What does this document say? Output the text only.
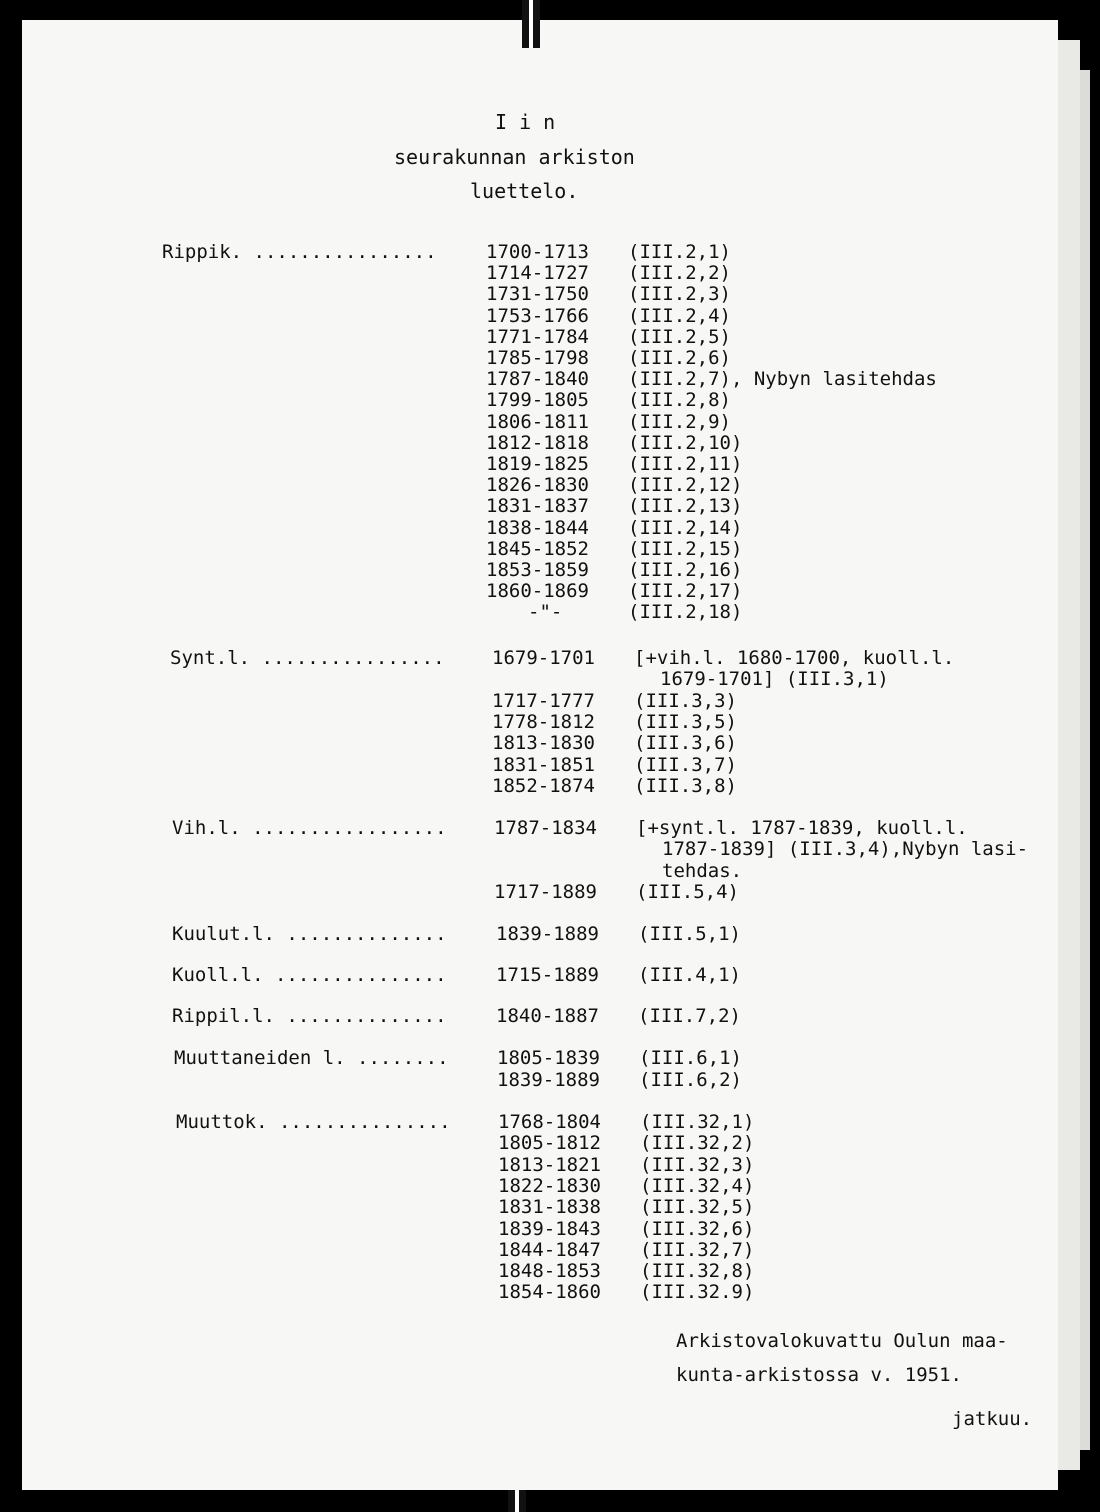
I i n
seurakunnan arkiston
luettelo.
Arkistovalokuvattu Oulun maa-
kunta-arkistossa v. 1951.
jatkuu.
Rippik. ................	1700-1713 (III.2,1)
1714-1727 (III.2,2)
1731-1750 (III.2,3)
1753-1766 (III.2,4)
1771-1784 (III.2,5)
1785-1798 (III.2,6)
1787-1840 (III.2,7), Nybyn lasitehdas
1799-1805 (III.2,8)
1806-1811 (III.2,9)
1812-1818 (III.2,10)
1819-1825 (III.2,11)
1826-1830 (III.2,12)
1831-1837 (III.2,13)
1838-1844 (III.2,14)
1845-1852 (III.2,15)
1853-1859 (III.2,16)
1860-1869 (III.2,17)
-"-	(III.2,18)
Synt.l. ................ 1679-1701 [+vih.l. 1680-1700, kuoll.l.
1679-1701] (III.3,1)
1717-1777 (III.3,3)
1778-1812 (III.3,5)
1813-1830 (III.3,6)
1831-1851 (III.3,7)
1852-1874 (III.3,8)
Vih.l. ................. 1787-1834 [+synt.l. 1787-1839, kuoll.l.
1787-1839] (III.3,4),Nybyn lasi-
tehdas.
1717-1889 (III.5,4)
Kuulut.l. ..............	1839-1889 (III.5,1)
Kuoll.l. ...............	1715-1889 (III.4,1)
Rippil.l. ..............	1840-1887 (III.7,2)
Muuttaneiden l. ........	1805-1839 (III.6,1)
1839-1889 (III.6,2)
Muuttok. ............... 1768-1804 (III.32,1)
1805-1812 (III.32,2)
1813-1821 (III.32,3)
1822-1830 (III.32,4)
1831-1838 (III.32,5)
1839-1843 (III.32,6)
1844-1847 (III.32,7)
1848-1853 (III.32,8)
1854-1860 (III.32.9)
